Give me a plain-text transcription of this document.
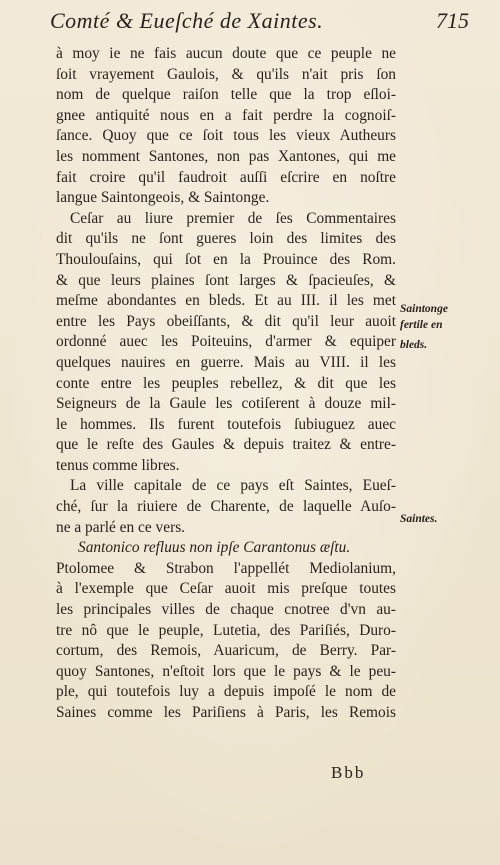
Comté & Eueſché de Xaintes.	715
à moy ie ne fais aucun doute que ce peuple ne
ſoit vrayement Gaulois, & qu'ils n'ait pris ſon
nom de quelque raiſon telle que la trop eſloi-
gnee antiquité nous en a fait perdre la cognoiſ-
ſance. Quoy que ce ſoit tous les vieux Autheurs
les nomment Santones, non pas Xantones, qui me
fait croire qu'il faudroit auſſi eſcrire en noſtre
langue Saintongeois, & Saintonge.
Ceſar au liure premier de ſes Commentaires
dit qu'ils ne ſont gueres loin des limites des
Thoulouſains, qui ſot en la Prouince des Rom.
& que leurs plaines ſont larges & ſpacieuſes, &
meſme abondantes en bleds. Et au III. il les met
entre les Pays obeiſſants, & dit qu'il leur auoit
ordonné auec les Poiteuins, d'armer & equiper
quelques nauires en guerre. Mais au VIII. il les
conte entre les peuples rebellez, & dit que les
Seigneurs de la Gaule les cotiſerent à douze mil-
le hommes. Ils furent toutefois ſubiuguez auec
que le reſte des Gaules & depuis traitez & entre-
tenus comme libres.
La ville capitale de ce pays eſt Saintes, Eueſ-
ché, ſur la riuiere de Charente, de laquelle Auſo-
ne a parlé en ce vers.
Santonico refluus non ipſe Carantonus æſtu.
Ptolomee & Strabon l'appellét Mediolanium,
à l'exemple que Ceſar auoit mis preſque toutes
les principales villes de chaque cnotree d'vn au-
tre nô que le peuple, Lutetia, des Pariſiés, Duro-
cortum, des Remois, Auaricum, de Berry. Par-
quoy Santones, n'eſtoit lors que le pays & le peu-
ple, qui toutefois luy a depuis impoſé le nom de
Saines comme les Pariſiens à Paris, les Remois
Saintonge
fertile en
bleds.
Saintes.
Bbb
